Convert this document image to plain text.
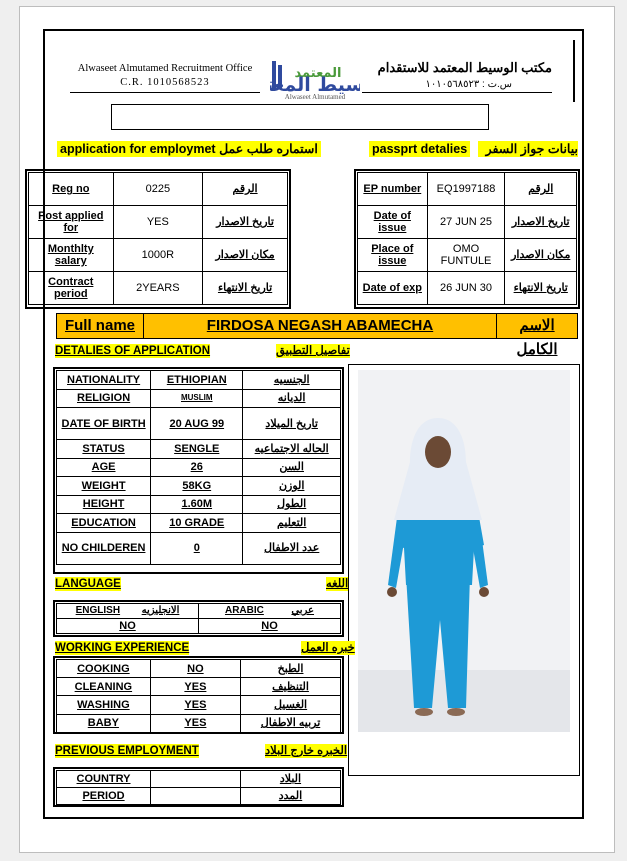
Alwaseet Almutamed Recruitment Office
C.R. 1010568523
المعتمد
سيط المع
Alwaseet Almutamed
مكتب الوسيط المعتمد للاستقدام
س.ت : ١٠١٠٥٦٨٥٢٣
application for employmet استماره طلب عمل	passprt detalies	بيانات جواز السفر
Reg no	0225	الرقم
Post applied for	YES	تاريخ الاصدار
Monthlty salary	1000R	مكان الاصدار
Contract period	2YEARS	تاريخ الانتهاء
EP number	EQ1997188	الرقم
Date of issue	27 JUN 25	تاريخ الاصدار
Place of issue	OMO FUNTULE	مكان الاصدار
Date of exp	26 JUN 30	تاريخ الانتهاء
Full name	FIRDOSA NEGASH ABAMECHA	الاسم الكامل
DETALIES OF APPLICATION	تفاصيل التطبيق
NATIONALITY	ETHIOPIAN	الجنسيه
RELIGION	MUSLIM	الديانه
DATE OF BIRTH	20 AUG 99	تاريخ الميلاد
STATUS	SENGLE	الحاله الاجتماعيه
AGE	26	السن
WEIGHT	58KG	الوزن
HEIGHT	1.60M	الطول
EDUCATION	10 GRADE	التعليم
NO CHILDEREN	0	عدد الاطفال
LANGUAGE	اللغه
ENGLISH الانجليزيه	ARABIC عربي
NO	NO
WORKING EXPERIENCE	خبره العمل
COOKING	NO	الطبخ
CLEANING	YES	التنظيف
WASHING	YES	الغسيل
BABY	YES	تربيه الاطفال
PREVIOUS EMPLOYMENT	الخبره خارج البلاد
COUNTRY		البلاد
PERIOD		المدد
